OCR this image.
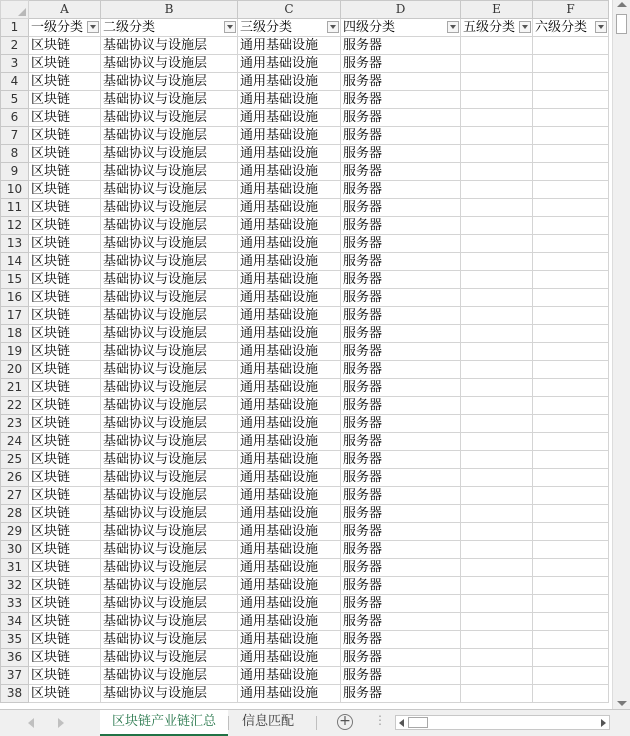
	A	B	C	D	E	F
1	一级分类	二级分类	三级分类	四级分类	五级分类	六级分类

2	区块链	基础协议与设施层	通用基础设施	服务器		
3	区块链	基础协议与设施层	通用基础设施	服务器		
4	区块链	基础协议与设施层	通用基础设施	服务器		
5	区块链	基础协议与设施层	通用基础设施	服务器		
6	区块链	基础协议与设施层	通用基础设施	服务器		
7	区块链	基础协议与设施层	通用基础设施	服务器		
8	区块链	基础协议与设施层	通用基础设施	服务器		
9	区块链	基础协议与设施层	通用基础设施	服务器		
10	区块链	基础协议与设施层	通用基础设施	服务器		
11	区块链	基础协议与设施层	通用基础设施	服务器		
12	区块链	基础协议与设施层	通用基础设施	服务器		
13	区块链	基础协议与设施层	通用基础设施	服务器		
14	区块链	基础协议与设施层	通用基础设施	服务器		
15	区块链	基础协议与设施层	通用基础设施	服务器		
16	区块链	基础协议与设施层	通用基础设施	服务器		
17	区块链	基础协议与设施层	通用基础设施	服务器		
18	区块链	基础协议与设施层	通用基础设施	服务器		
19	区块链	基础协议与设施层	通用基础设施	服务器		
20	区块链	基础协议与设施层	通用基础设施	服务器		
21	区块链	基础协议与设施层	通用基础设施	服务器		
22	区块链	基础协议与设施层	通用基础设施	服务器		
23	区块链	基础协议与设施层	通用基础设施	服务器		
24	区块链	基础协议与设施层	通用基础设施	服务器		
25	区块链	基础协议与设施层	通用基础设施	服务器		
26	区块链	基础协议与设施层	通用基础设施	服务器		
27	区块链	基础协议与设施层	通用基础设施	服务器		
28	区块链	基础协议与设施层	通用基础设施	服务器		
29	区块链	基础协议与设施层	通用基础设施	服务器		
30	区块链	基础协议与设施层	通用基础设施	服务器		
31	区块链	基础协议与设施层	通用基础设施	服务器		
32	区块链	基础协议与设施层	通用基础设施	服务器		
33	区块链	基础协议与设施层	通用基础设施	服务器		
34	区块链	基础协议与设施层	通用基础设施	服务器		
35	区块链	基础协议与设施层	通用基础设施	服务器		
36	区块链	基础协议与设施层	通用基础设施	服务器		
37	区块链	基础协议与设施层	通用基础设施	服务器		
38	区块链	基础协议与设施层	通用基础设施	服务器		
区块链产业链汇总	信息匹配	+ ⋮
